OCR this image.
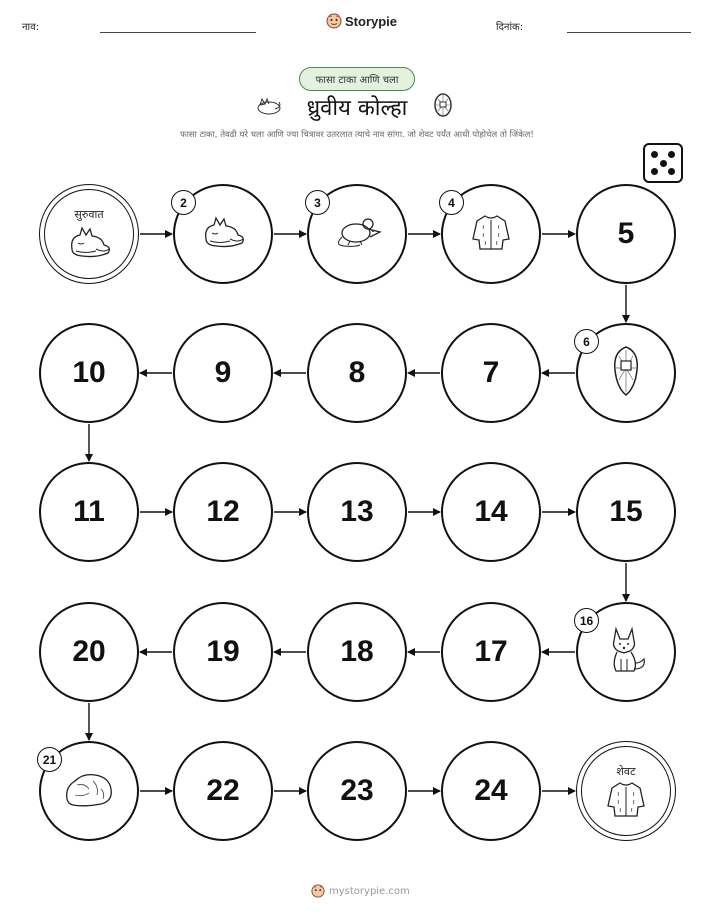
नाव:	Storypie	दिनांक:
फासा टाका आणि चला
ध्रुवीय कोल्हा
फासा टाका, तेवढी घरे चला आणि ज्या चित्रावर उतरलात त्याचे नाव सांगा. जो शेवट पर्यंत आधी पोहोचेल तो जिंकेल!
सुरुवात
2	3	4
5
6
7
8
9
10
11	12	13	14	15
16
17
18
19
20
21
22	23	24
शेवट
mystorypie.com
